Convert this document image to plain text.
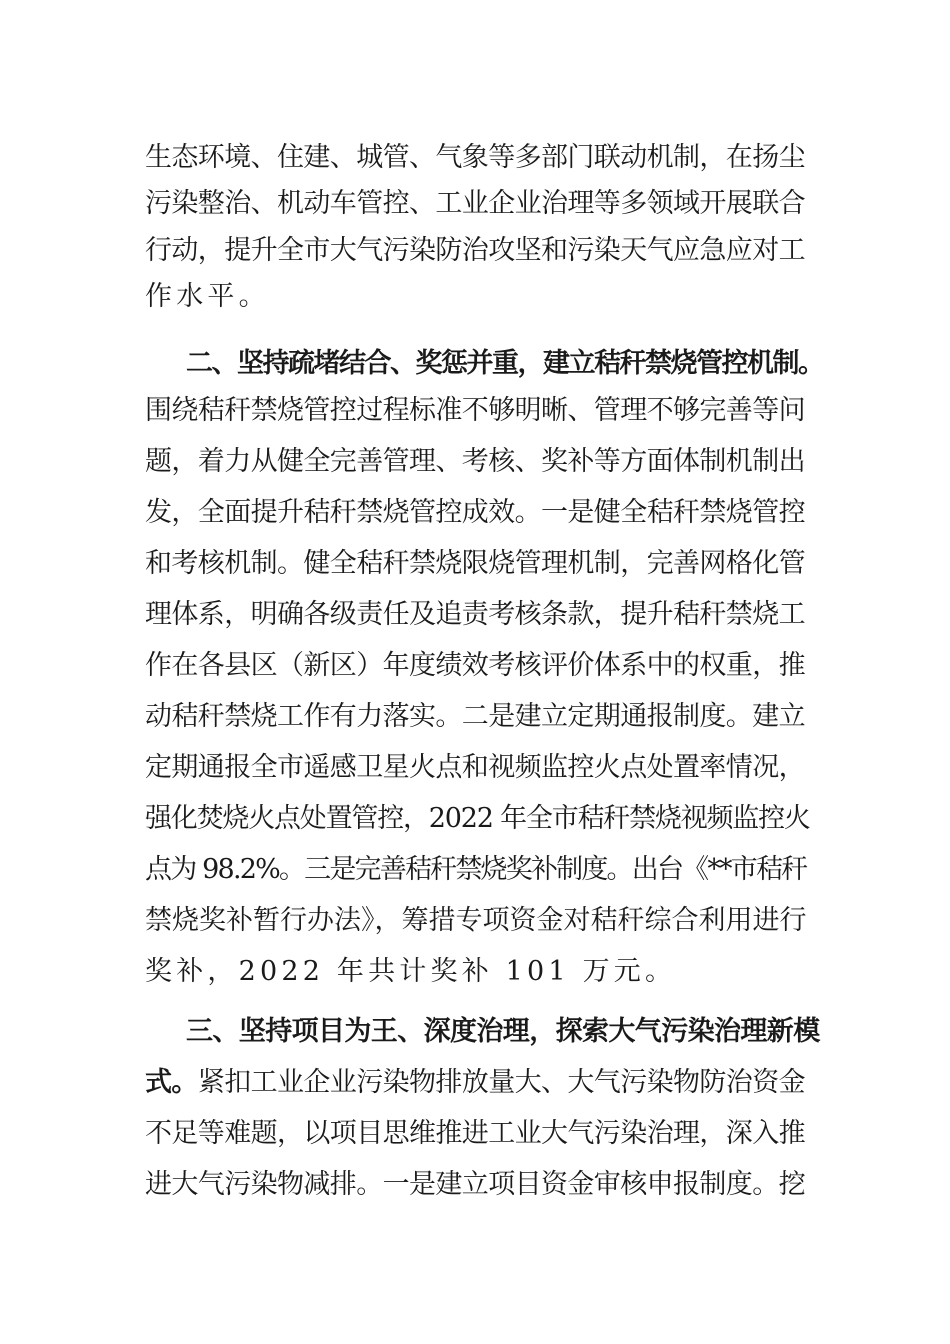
生态环境、住建、城管、气象等多部门联动机制，在扬尘
污染整治、机动车管控、工业企业治理等多领域开展联合
行动，提升全市大气污染防治攻坚和污染天气应急应对工
作水平。
二、坚持疏堵结合、奖惩并重，建立秸秆禁烧管控机制。
围绕秸秆禁烧管控过程标准不够明晰、管理不够完善等问
题，着力从健全完善管理、考核、奖补等方面体制机制出
发，全面提升秸秆禁烧管控成效。一是健全秸秆禁烧管控
和考核机制。健全秸秆禁烧限烧管理机制，完善网格化管
理体系，明确各级责任及追责考核条款，提升秸秆禁烧工
作在各县区（新区）年度绩效考核评价体系中的权重，推
动秸秆禁烧工作有力落实。二是建立定期通报制度。建立
定期通报全市遥感卫星火点和视频监控火点处置率情况，
强化焚烧火点处置管控，2022 年全市秸秆禁烧视频监控火
点为 98.2%。三是完善秸秆禁烧奖补制度。出台《**市秸秆
禁烧奖补暂行办法》，筹措专项资金对秸秆综合利用进行
奖补，2022 年共计奖补 101 万元。
三、坚持项目为王、深度治理，探索大气污染治理新模
式。紧扣工业企业污染物排放量大、大气污染物防治资金
不足等难题，以项目思维推进工业大气污染治理，深入推
进大气污染物减排。一是建立项目资金审核申报制度。挖
